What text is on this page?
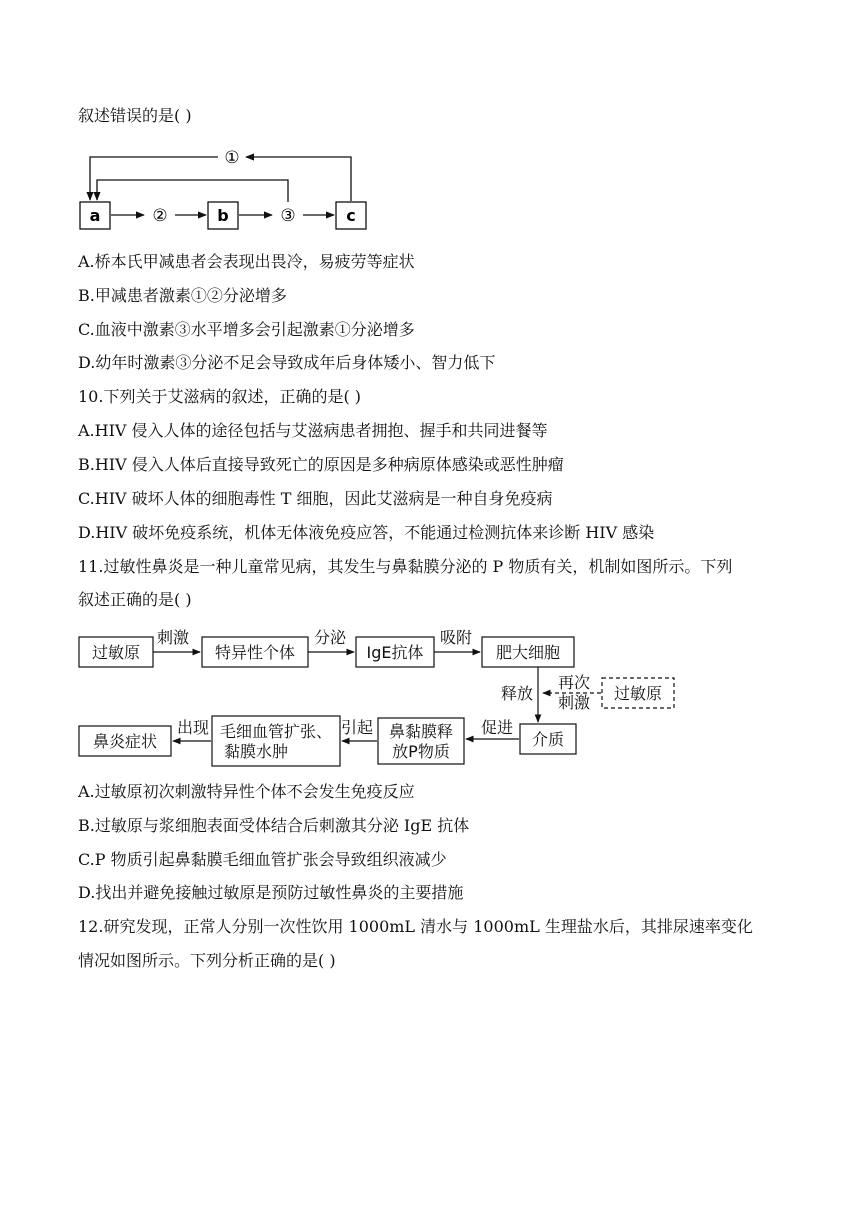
叙述错误的是( )
a	b	c
②	③
①
A.桥本氏甲减患者会表现出畏冷，易疲劳等症状
B.甲减患者激素①②分泌增多
C.血液中激素③水平增多会引起激素①分泌增多
D.幼年时激素③分泌不足会导致成年后身体矮小、智力低下
10.下列关于艾滋病的叙述，正确的是( )
A.HIV 侵入人体的途径包括与艾滋病患者拥抱、握手和共同进餐等
B.HIV 侵入人体后直接导致死亡的原因是多种病原体感染或恶性肿瘤
C.HIV 破坏人体的细胞毒性 T 细胞，因此艾滋病是一种自身免疫病
D.HIV 破坏免疫系统，机体无体液免疫应答，不能通过检测抗体来诊断 HIV 感染
11.过敏性鼻炎是一种儿童常见病，其发生与鼻黏膜分泌的 P 物质有关，机制如图所示。下列
叙述正确的是( )
过敏原	特异性个体	IgE抗体	肥大细胞
过敏原
介质
鼻黏膜释
放P物质
毛细血管扩张、
黏膜水肿
鼻炎症状
刺激	分泌	吸附
释放
再次
刺激
促进
引起
出现
A.过敏原初次刺激特异性个体不会发生免疫反应
B.过敏原与浆细胞表面受体结合后刺激其分泌 IgE 抗体
C.P 物质引起鼻黏膜毛细血管扩张会导致组织液减少
D.找出并避免接触过敏原是预防过敏性鼻炎的主要措施
12.研究发现，正常人分别一次性饮用 1000mL 清水与 1000mL 生理盐水后，其排尿速率变化
情况如图所示。下列分析正确的是( )
